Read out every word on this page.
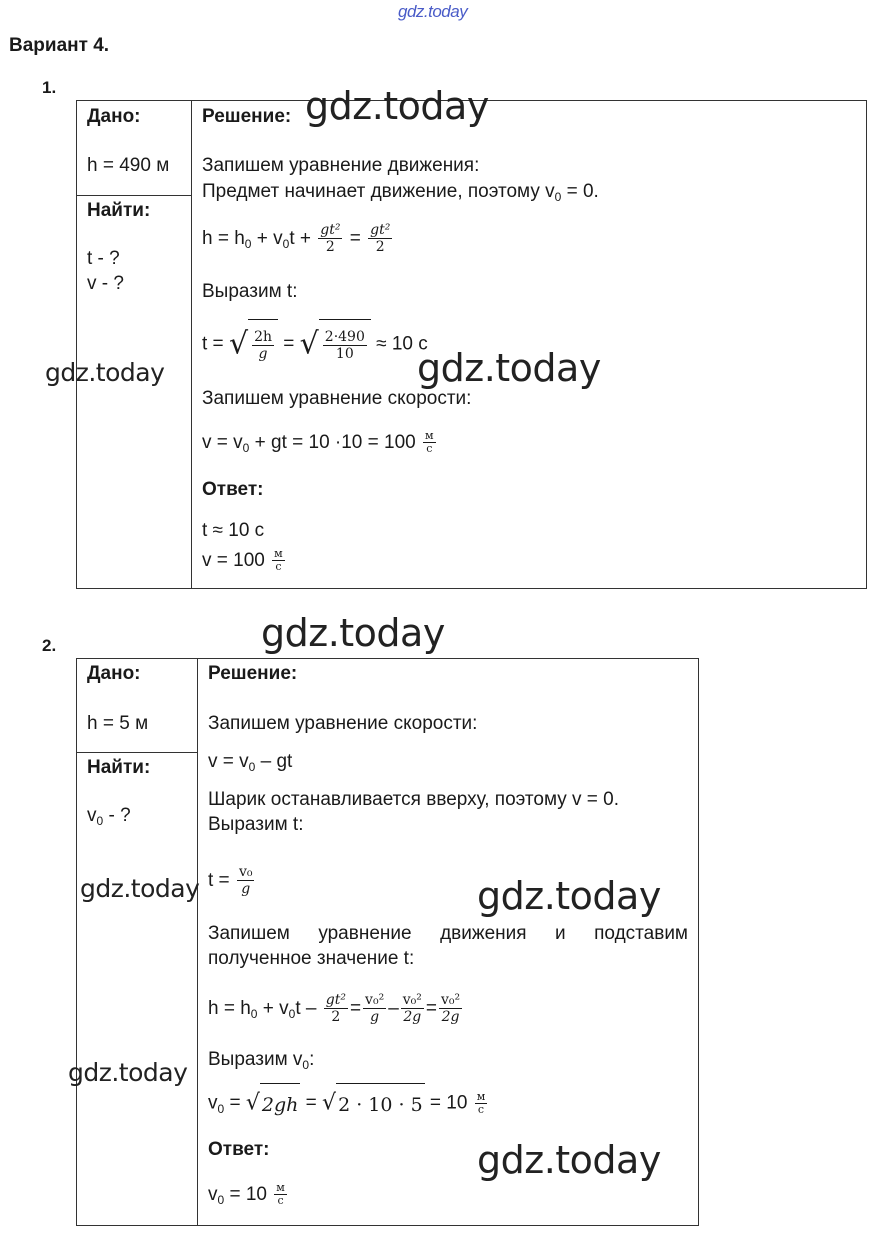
gdz.today
Вариант 4.
1.
Дано:
h = 490 м

Решение:
Запишем уравнение движения:
Предмет начинает движение, поэтому $v_0 = 0$.
$h = h_0 + v_0t + \frac{\text{gt²}}{2} = \frac{\text{gt²}}{2}$
Выразим t:
t = √ $\frac{2h}{g}$ = √ $\frac{2\cdot 490}{10} \approx 10$ с
Запишем уравнение скорости:
$v = v_0$ + gt = $10 \cdot 10 = 100 \frac{м}{с}$
Ответ:
t ≈ 10 с
$v = 100 \frac{м}{с}$

Найти:
t - ?
v - ?
2.
Дано:
h = 5 м

Решение:
Запишем уравнение скорости:
$v = v_0$ – gt
Шарик останавливается вверху, поэтому v = 0.
Выразим t:
$t = \frac{\text{v₀}}{g}$
Запишем уравнение движения и подставим полученное значение t:
$h = h_0 + v_0t - \frac{\text{gt²}}{2} = \frac{\text{v₀²}}{g} - \frac{\text{v₀²}}{2g} = \frac{\text{v₀²}}{2g}$
Выразим $v_0$:
$v_0$ = √ 2gh = √ $2 \cdot 10 \cdot 5 = 10 \frac{м}{с}$
Ответ:
$v_0 = 10 \frac{м}{с}$

Найти:
$v_0$ - ?
gdz.today
gdz.today
gdz.today
gdz.today
gdz.today	gdz.today
gdz.today
gdz.today
